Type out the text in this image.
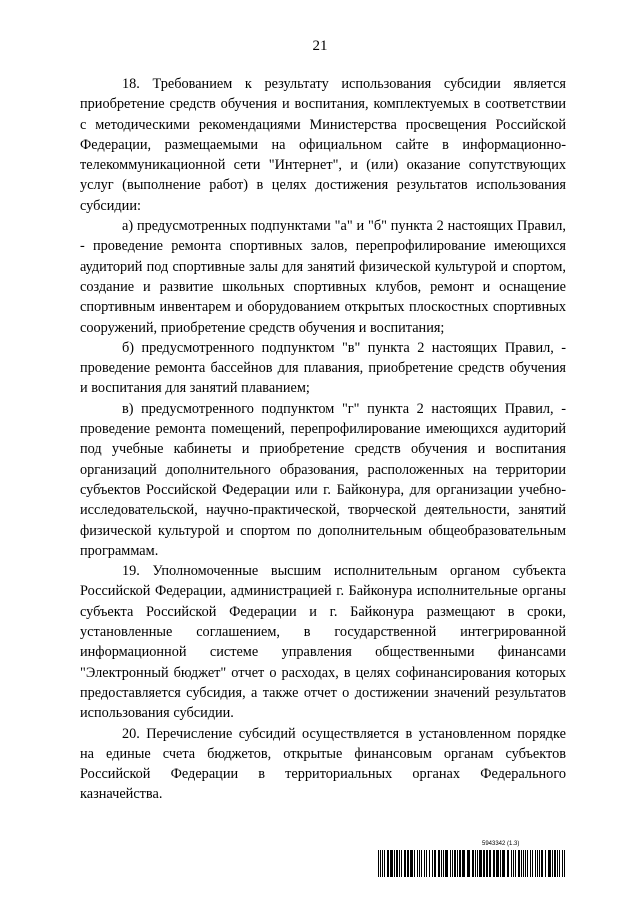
21

18. Требованием к результату использования субсидии является приобретение средств обучения и воспитания, комплектуемых в соответствии с методическими рекомендациями Министерства просвещения Российской Федерации, размещаемыми на официальном сайте в информационно-телекоммуникационной сети "Интернет", и (или) оказание сопутствующих услуг (выполнение работ) в целях достижения результатов использования субсидии:

а) предусмотренных подпунктами "а" и "б" пункта 2 настоящих Правил, - проведение ремонта спортивных залов, перепрофилирование имеющихся аудиторий под спортивные залы для занятий физической культурой и спортом, создание и развитие школьных спортивных клубов, ремонт и оснащение спортивным инвентарем и оборудованием открытых плоскостных спортивных сооружений, приобретение средств обучения и воспитания;

б) предусмотренного подпунктом "в" пункта 2 настоящих Правил, - проведение ремонта бассейнов для плавания, приобретение средств обучения и воспитания для занятий плаванием;

в) предусмотренного подпунктом "г" пункта 2 настоящих Правил, - проведение ремонта помещений, перепрофилирование имеющихся аудиторий под учебные кабинеты и приобретение средств обучения и воспитания организаций дополнительного образования, расположенных на территории субъектов Российской Федерации или г. Байконура, для организации учебно-исследовательской, научно-практической, творческой деятельности, занятий физической культурой и спортом по дополнительным общеобразовательным программам.

19. Уполномоченные высшим исполнительным органом субъекта Российской Федерации, администрацией г. Байконура исполнительные органы субъекта Российской Федерации и г. Байконура размещают в сроки, установленные соглашением, в государственной интегрированной информационной системе управления общественными финансами "Электронный бюджет" отчет о расходах, в целях софинансирования которых предоставляется субсидия, а также отчет о достижении значений результатов использования субсидии.

20. Перечисление субсидий осуществляется в установленном порядке на единые счета бюджетов, открытые финансовым органам субъектов Российской Федерации в территориальных органах Федерального казначейства.

5943342 (1.3)
